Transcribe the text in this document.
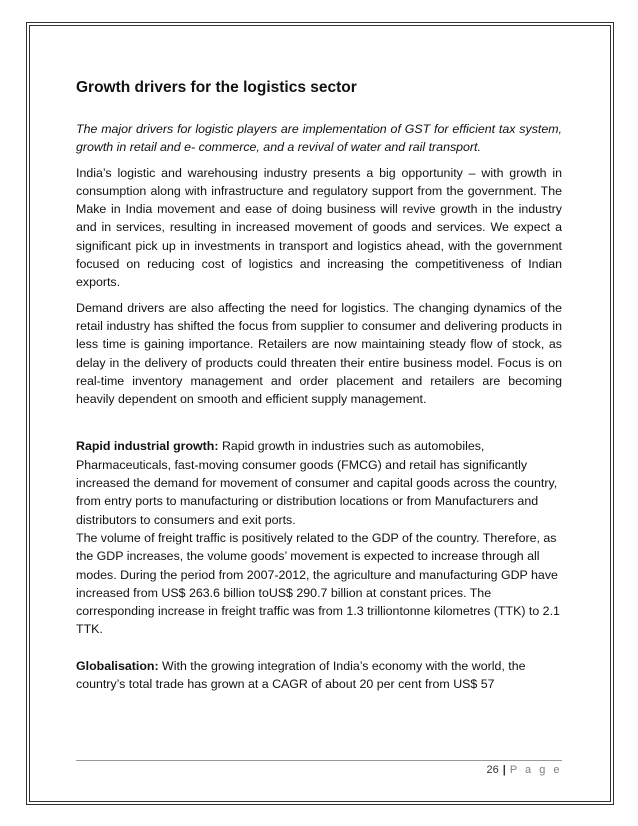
Growth drivers for the logistics sector

The major drivers for logistic players are implementation of GST for efficient tax system, growth in retail and e- commerce, and a revival of water and rail transport.

India’s logistic and warehousing industry presents a big opportunity – with growth in consumption along with infrastructure and regulatory support from the government. The Make in India movement and ease of doing business will revive growth in the industry and in services, resulting in increased movement of goods and services. We expect a significant pick up in investments in transport and logistics ahead, with the government focused on reducing cost of logistics and increasing the competitiveness of Indian exports.

Demand drivers are also affecting the need for logistics. The changing dynamics of the retail industry has shifted the focus from supplier to consumer and delivering products in less time is gaining importance. Retailers are now maintaining steady flow of stock, as delay in the delivery of products could threaten their entire business model. Focus is on real-time inventory management and order placement and retailers are becoming heavily dependent on smooth and efficient supply management.

Rapid industrial growth: Rapid growth in industries such as automobiles, Pharmaceuticals, fast-moving consumer goods (FMCG) and retail has significantly increased the demand for movement of consumer and capital goods across the country, from entry ports to manufacturing or distribution locations or from Manufacturers and distributors to consumers and exit ports.

The volume of freight traffic is positively related to the GDP of the country. Therefore, as the GDP increases, the volume goods’ movement is expected to increase through all modes. During the period from 2007-2012, the agriculture and manufacturing GDP have increased from US$ 263.6 billion toUS$ 290.7 billion at constant prices. The corresponding increase in freight traffic was from 1.3 trilliontonne kilometres (TTK) to 2.1 TTK.

Globalisation: With the growing integration of India’s economy with the world, the country’s total trade has grown at a CAGR of about 20 per cent from US$ 57

26 | P a g e
